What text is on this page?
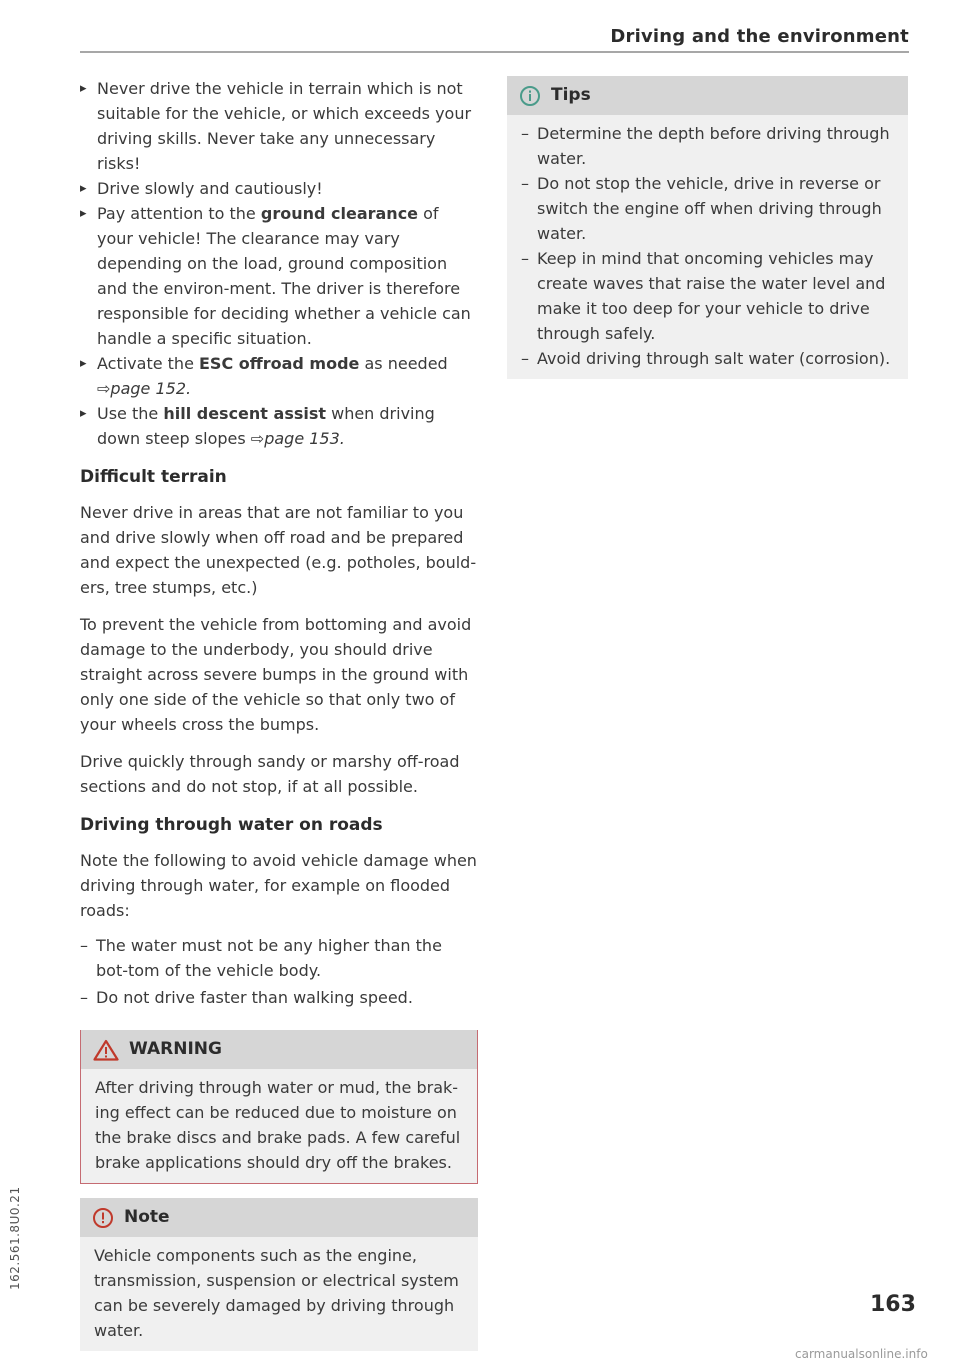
Driving and the environment
▸ Never drive the vehicle in terrain which is not suitable for the vehicle, or which exceeds your driving skills. Never take any unnecessary risks!
▸ Drive slowly and cautiously!
▸ Pay attention to the ground clearance of your vehicle! The clearance may vary depending on the load, ground composition and the environ-ment. The driver is therefore responsible for deciding whether a vehicle can handle a specific situation.
▸ Activate the ESC offroad mode as needed ⇨page 152.
▸ Use the hill descent assist when driving down steep slopes ⇨page 153.
Difficult terrain

Never drive in areas that are not familiar to you and drive slowly when off road and be prepared and expect the unexpected (e.g. potholes, bould-ers, tree stumps, etc.)

To prevent the vehicle from bottoming and avoid damage to the underbody, you should drive straight across severe bumps in the ground with only one side of the vehicle so that only two of your wheels cross the bumps.

Drive quickly through sandy or marshy off-road sections and do not stop, if at all possible.

Driving through water on roads

Note the following to avoid vehicle damage when driving through water, for example on flooded roads:

– The water must not be any higher than the bot-tom of the vehicle body.
– Do not drive faster than walking speed.
WARNING
After driving through water or mud, the brak-ing effect can be reduced due to moisture on the brake discs and brake pads. A few careful brake applications should dry off the brakes.
Note
Vehicle components such as the engine, transmission, suspension or electrical system can be severely damaged by driving through water.
Tips
– Determine the depth before driving through water.
– Do not stop the vehicle, drive in reverse or switch the engine off when driving through water.
– Keep in mind that oncoming vehicles may create waves that raise the water level and make it too deep for your vehicle to drive through safely.
– Avoid driving through salt water (corrosion).
162.561.8U0.21
163
carmanualsonline.info
